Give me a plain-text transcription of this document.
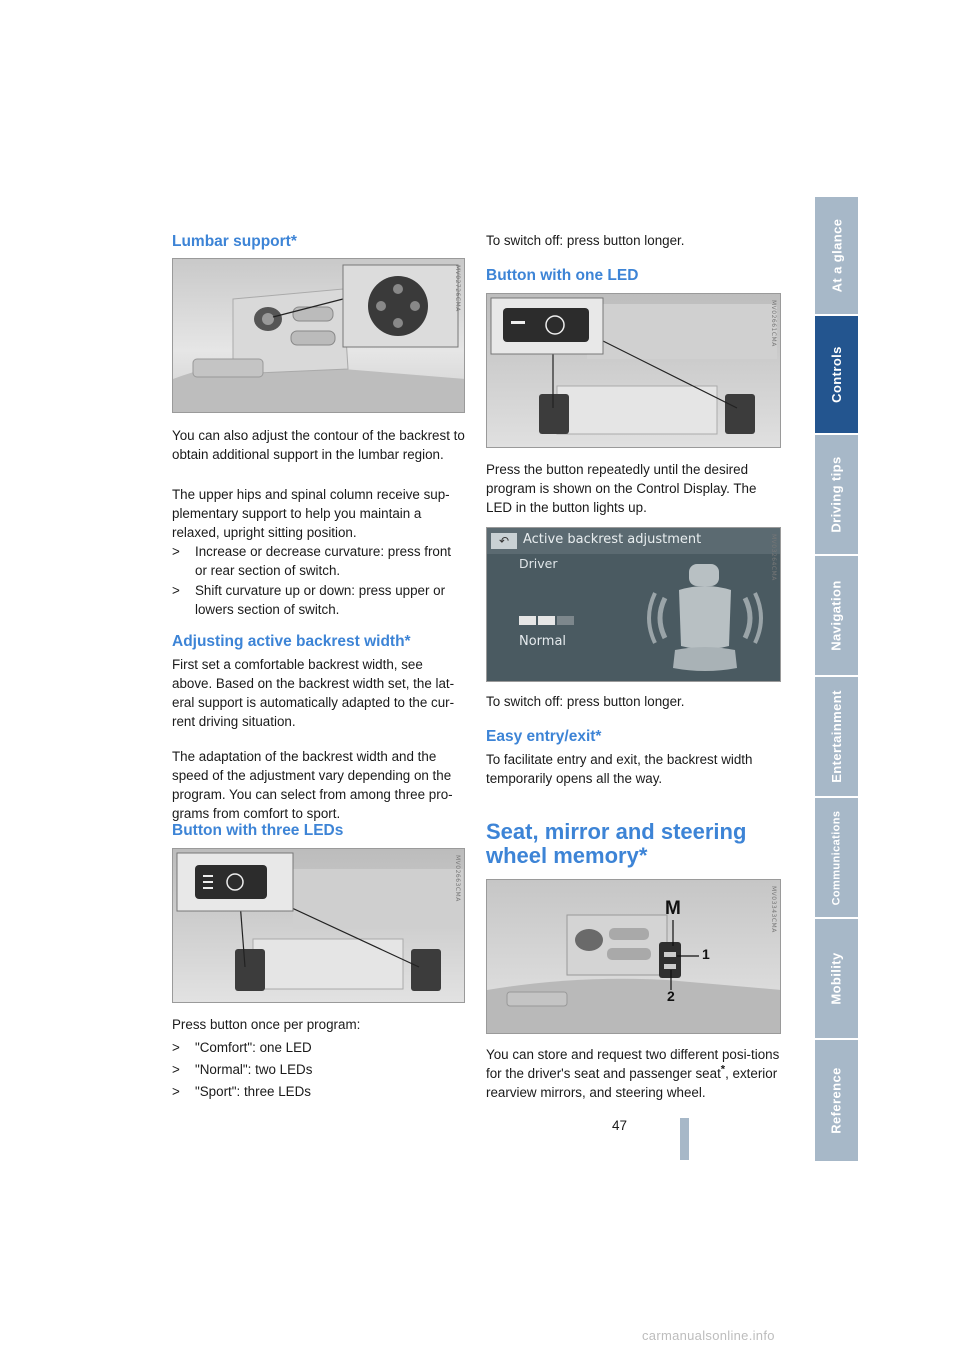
Lumbar support*
MV02726CMA
You can also adjust the contour of the backrest to obtain additional support in the lumbar region.
The upper hips and spinal column receive sup-plementary support to help you maintain a relaxed, upright sitting position.
> Increase or decrease curvature: press front or rear section of switch.
> Shift curvature up or down: press upper or lowers section of switch.
Adjusting active backrest width*
First set a comfortable backrest width, see above. Based on the backrest width set, the lat-eral support is automatically adapted to the cur-rent driving situation.
The adaptation of the backrest width and the speed of the adjustment vary depending on the program. You can select from among three pro-grams from comfort to sport.
Button with three LEDs
MV02663CMA
Press button once per program:
> "Comfort": one LED
> "Normal": two LEDs
> "Sport": three LEDs
To switch off: press button longer.
Button with one LED
MV02661CMA
Press the button repeatedly until the desired program is shown on the Control Display. The LED in the button lights up.
↶	Active backrest adjustment
Driver
Normal
MV03264CMA
To switch off: press button longer.
Easy entry/exit*
To facilitate entry and exit, the backrest width temporarily opens all the way.
Seat, mirror and steering wheel memory*
M
1
2
MV03343CMA
You can store and request two different posi-tions for the driver's seat and passenger seat*, exterior rearview mirrors, and steering wheel.
At a glance
Controls
Driving tips
Navigation
Entertainment
Communications
Mobility
Reference
47
carmanualsonline.info
